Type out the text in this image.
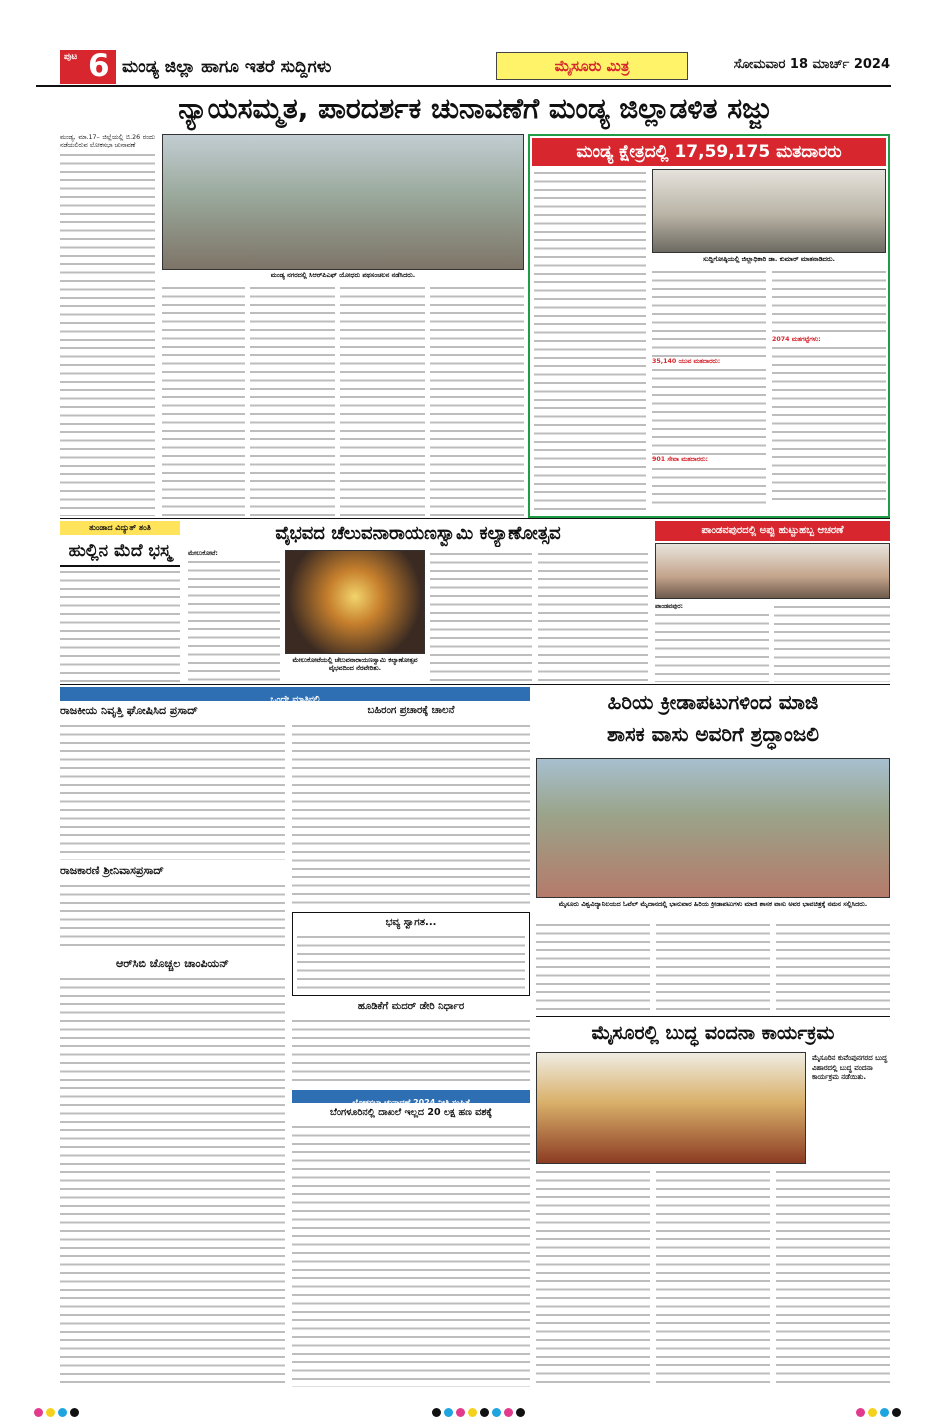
ಪುಟ 6 ಮಂಡ್ಯ ಜಿಲ್ಲಾ ಹಾಗೂ ಇತರೆ ಸುದ್ದಿಗಳು	ಮೈಸೂರು ಮಿತ್ರ	ಸೋಮವಾರ 18 ಮಾರ್ಚ್ 2024
ನ್ಯಾಯಸಮ್ಮತ, ಪಾರದರ್ಶಕ ಚುನಾವಣೆಗೆ ಮಂಡ್ಯ ಜಿಲ್ಲಾಡಳಿತ ಸಜ್ಜು
ಮಂಡ್ಯ, ಮಾ.17– ಜಿಲ್ಲೆಯಲ್ಲಿ ಬಿ.26 ರಂದು ನಡೆಯಲಿರುವ ಲೋಕಸಭಾ ಚುನಾವಣೆ
ಮಂಡ್ಯ ನಗರದಲ್ಲಿ ಸಿಆರ್‌ಪಿಎಫ್ ಯೋಧರು ಪಥಸಂಚಲನ ನಡೆಸಿದರು.
ಮಂಡ್ಯ ಕ್ಷೇತ್ರದಲ್ಲಿ 17,59,175 ಮತದಾರರು
ಸುದ್ದಿಗೋಷ್ಠಿಯಲ್ಲಿ ಜಿಲ್ಲಾಧಿಕಾರಿ ಡಾ. ಕುಮಾರ್ ಮಾತನಾಡಿದರು.
35,140 ಯುವ ಮತದಾರರು:
901 ಸೇವಾ ಮತದಾರರು:
2074 ಮತಗಟ್ಟೆಗಳು:
ತುಂಡಾದ ವಿದ್ಯುತ್ ತಂತಿ
ಹುಲ್ಲಿನ ಮೆದೆ ಭಸ್ಮ
ವೈಭವದ ಚೆಲುವನಾರಾಯಣಸ್ವಾಮಿ ಕಲ್ಯಾಣೋತ್ಸವ
ಮೇಲುಕೋಟೆ:
ಮೇಲುಕೋಟೆಯಲ್ಲಿ ಚೆಲುವನಾರಾಯಣಸ್ವಾಮಿ ಕಲ್ಯಾಣೋತ್ಸವ ವೈಭವದಿಂದ ನೆರವೇರಿತು.
ಪಾಂಡವಪುರದಲ್ಲಿ ಅಪ್ಪು ಹುಟ್ಟುಹಬ್ಬ ಆಚರಣೆ
ಪಾಂಡವಪುರ:
ಒಂದೇ ಮಾತಿನಲಿ
ರಾಜಕೀಯ ನಿವೃತ್ತಿ ಘೋಷಿಸಿದ ಪ್ರಸಾದ್	ಬಹಿರಂಗ ಪ್ರಚಾರಕ್ಕೆ ಚಾಲನೆ
ರಾಜಕಾರಣಿ ಶ್ರೀನಿವಾಸಪ್ರಸಾದ್
ಆರ್‌ಸಿಬಿ ಚೊಚ್ಚಲ ಚಾಂಪಿಯನ್
ಭವ್ಯ ಸ್ವಾಗತ...
ಹೂಡಿಕೆಗೆ ಮದರ್ ಡೇರಿ ನಿರ್ಧಾರ
ಲೋಕಸಭಾ ಚುನಾವಣೆ 2024 ನೀತಿ ಸಂಹಿತೆ
ಬೆಂಗಳೂರಿನಲ್ಲಿ ದಾಖಲೆ ಇಲ್ಲದ 20 ಲಕ್ಷ ಹಣ ವಶಕ್ಕೆ
ಹಿರಿಯ ಕ್ರೀಡಾಪಟುಗಳಿಂದ ಮಾಜಿ
ಶಾಸಕ ವಾಸು ಅವರಿಗೆ ಶ್ರದ್ಧಾಂಜಲಿ
ಮೈಸೂರು ವಿಶ್ವವಿದ್ಯಾನಿಲಯದ ಓವೆಲ್ ಮೈದಾನದಲ್ಲಿ ಭಾನುವಾರ ಹಿರಿಯ ಕ್ರೀಡಾಪಟುಗಳು ಮಾಜಿ ಶಾಸಕ ವಾಸು ಅವರ ಭಾವಚಿತ್ರಕ್ಕೆ ನಮನ ಸಲ್ಲಿಸಿದರು.
ಮೈಸೂರಲ್ಲಿ ಬುದ್ಧ ವಂದನಾ ಕಾರ್ಯಕ್ರಮ
ಮೈಸೂರಿನ ಕುವೆಂಪುನಗರದ ಬುದ್ಧ ವಿಹಾರದಲ್ಲಿ ಬುದ್ಧ ವಂದನಾ ಕಾರ್ಯಕ್ರಮ ನಡೆಯಿತು.
